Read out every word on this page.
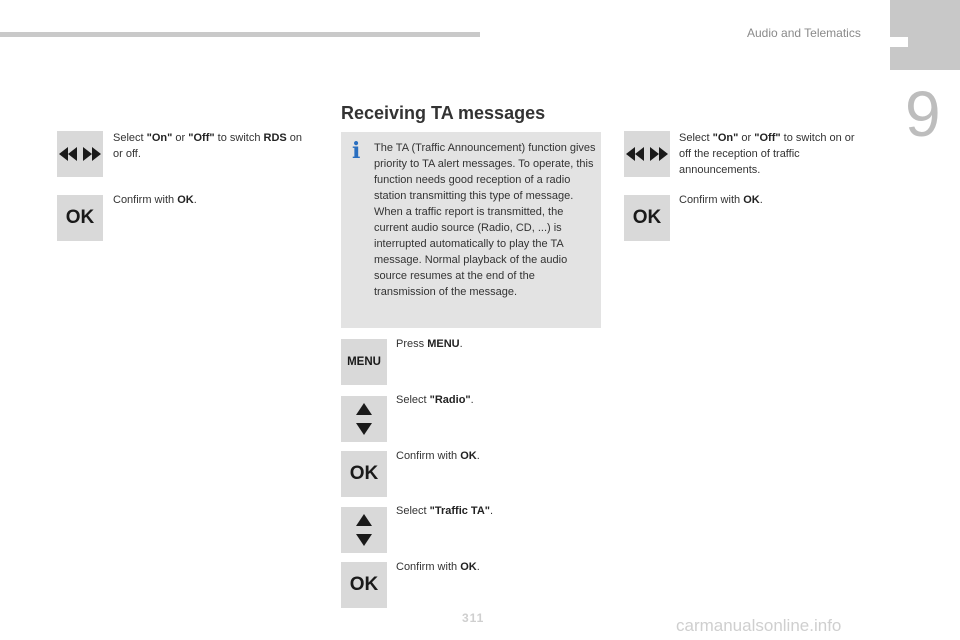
Audio and Telematics
9
Receiving TA messages
Select "On" or "Off" to switch RDS on or off.
OK
Confirm with OK.
i The TA (Traffic Announcement) function gives priority to TA alert messages. To operate, this function needs good reception of a radio station transmitting this type of message. When a traffic report is transmitted, the current audio source (Radio, CD, ...) is interrupted automatically to play the TA message. Normal playback of the audio source resumes at the end of the transmission of the message.
MENU
Press MENU.
Select "Radio".
OK
Confirm with OK.
Select "Traffic TA".
OK
Confirm with OK.
Select "On" or "Off" to switch on or off the reception of traffic announcements.
OK
Confirm with OK.
311	carmanualsonline.info
